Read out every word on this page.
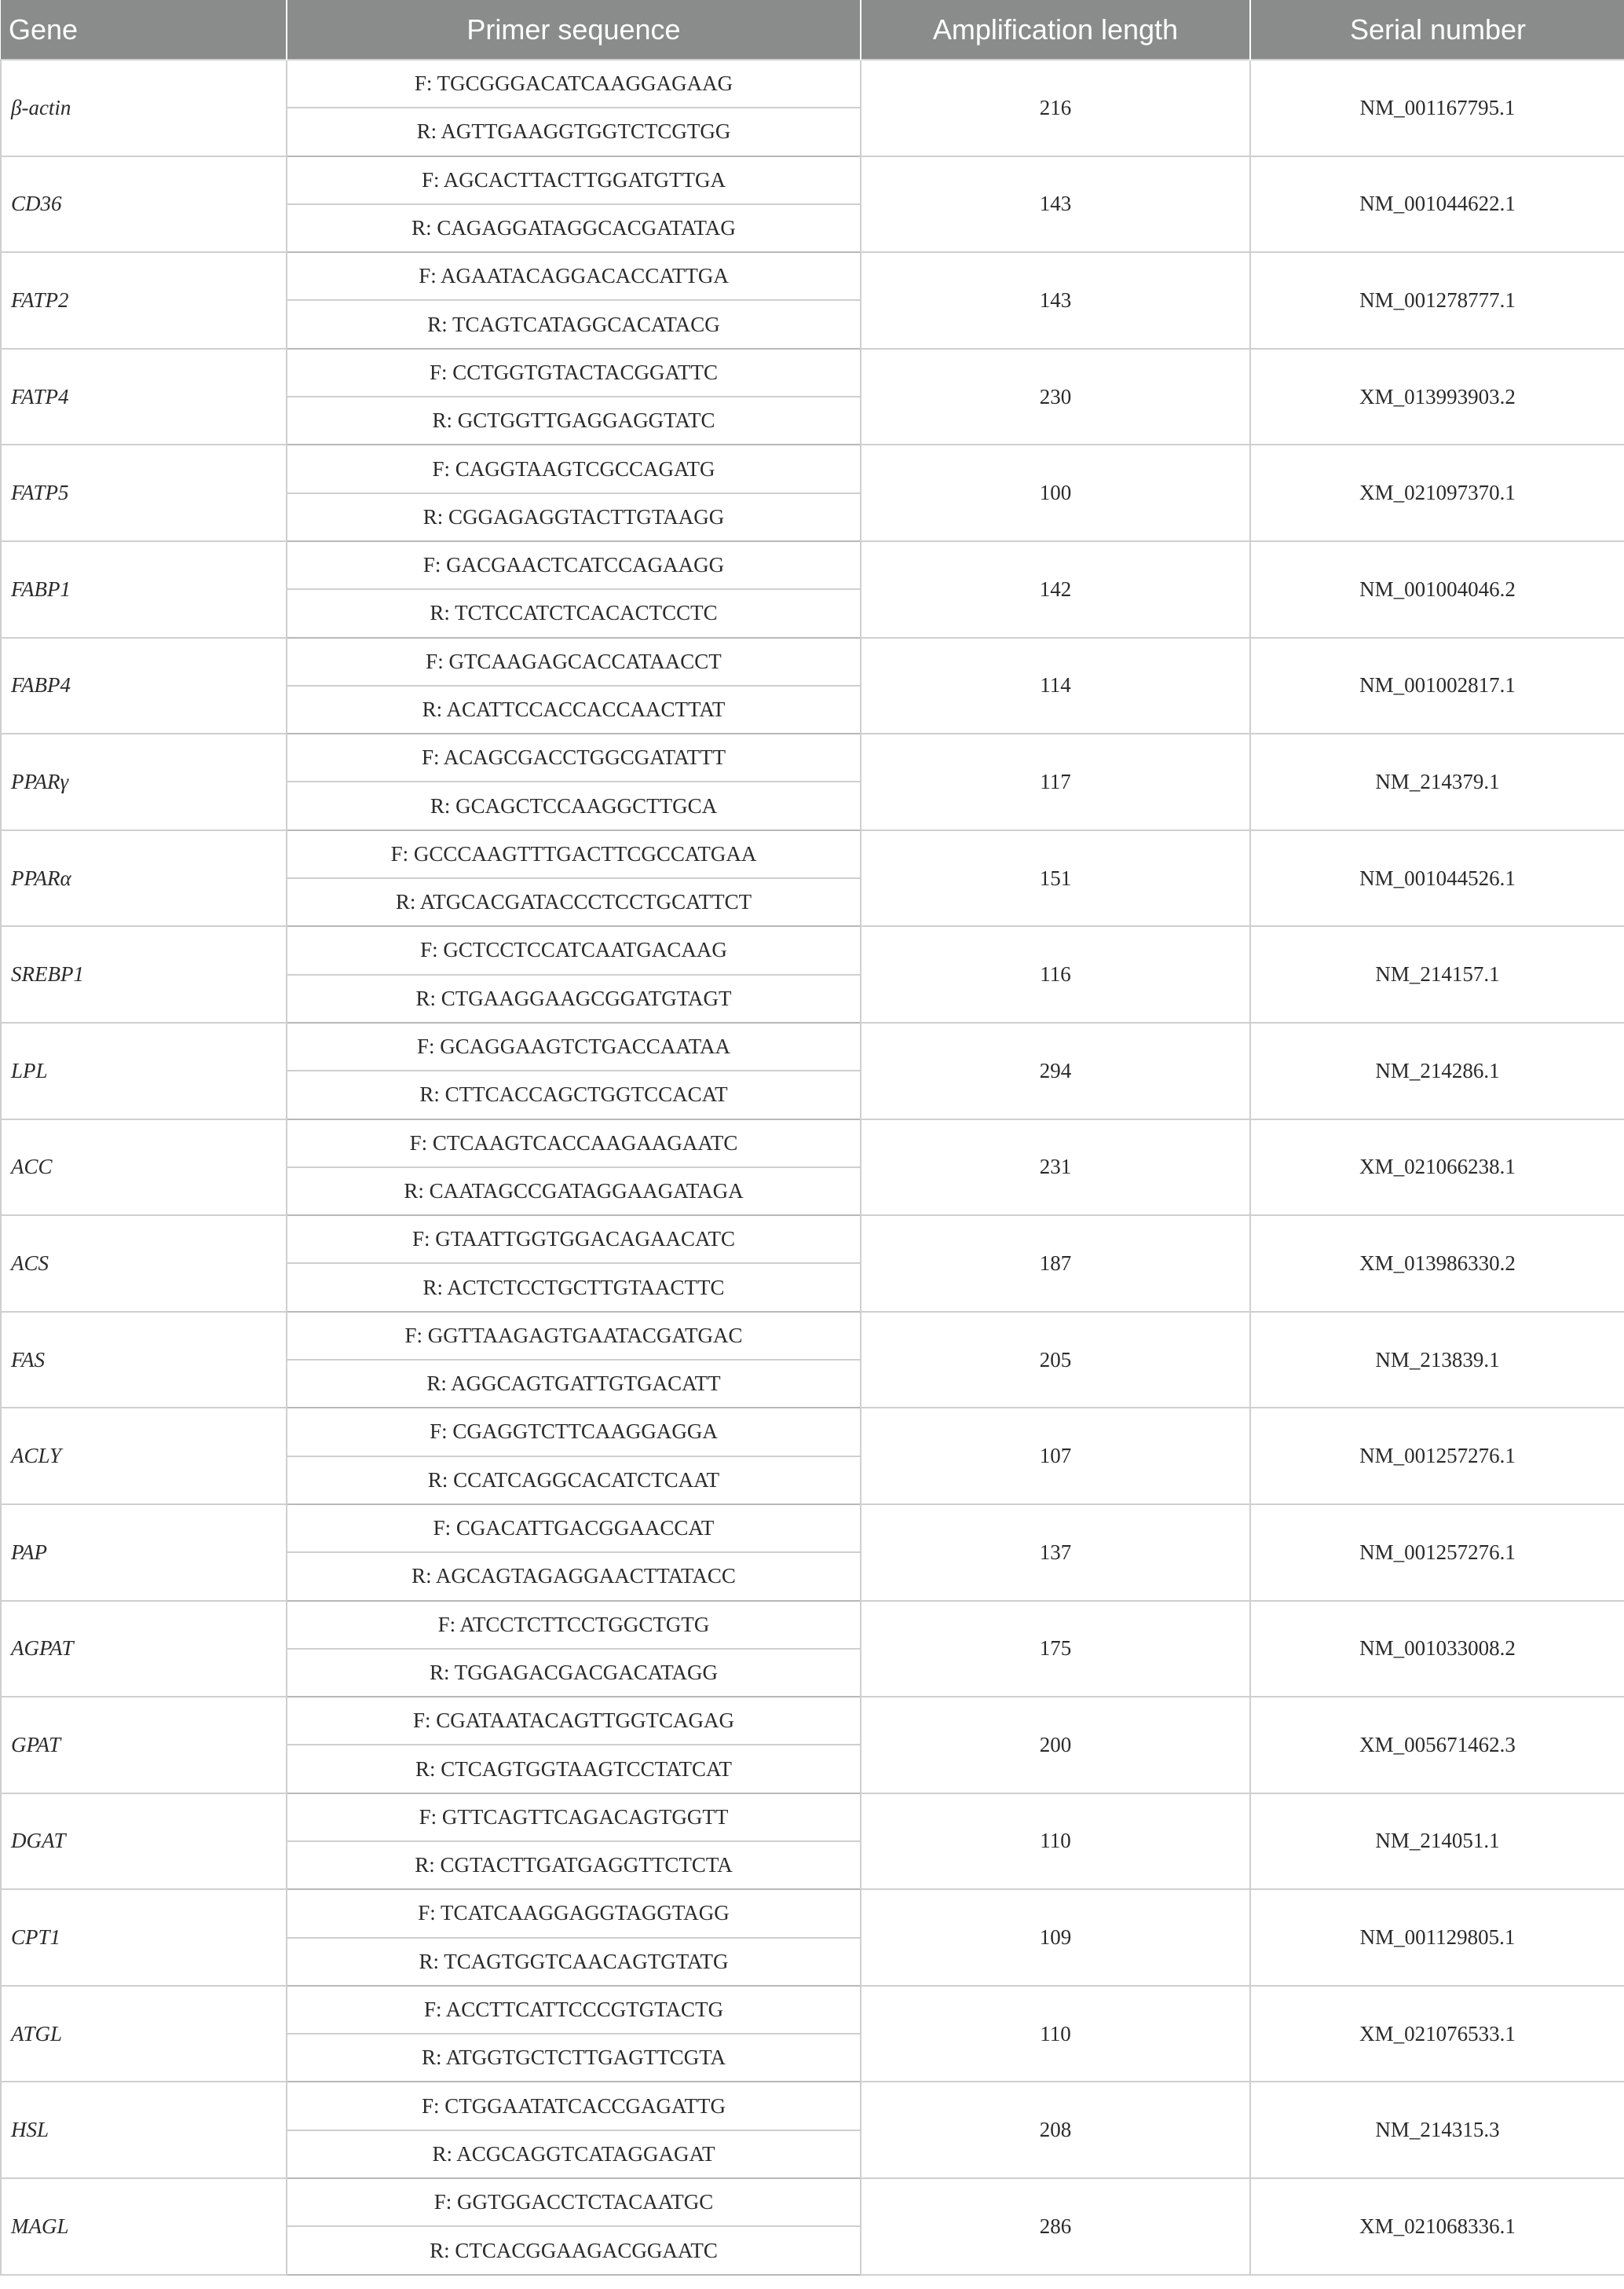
Gene	Primer sequence	Amplification length	Serial number
β-actin	F: TGCGGGACATCAAGGAGAAG	216	NM_001167795.1
	R: AGTTGAAGGTGGTCTCGTGG		
CD36	F: AGCACTTACTTGGATGTTGA	143	NM_001044622.1
	R: CAGAGGATAGGCACGATATAG		
FATP2	F: AGAATACAGGACACCATTGA	143	NM_001278777.1
	R: TCAGTCATAGGCACATACG		
FATP4	F: CCTGGTGTACTACGGATTC	230	XM_013993903.2
	R: GCTGGTTGAGGAGGTATC		
FATP5	F: CAGGTAAGTCGCCAGATG	100	XM_021097370.1
	R: CGGAGAGGTACTTGTAAGG		
FABP1	F: GACGAACTCATCCAGAAGG	142	NM_001004046.2
	R: TCTCCATCTCACACTCCTC		
FABP4	F: GTCAAGAGCACCATAACCT	114	NM_001002817.1
	R: ACATTCCACCACCAACTTAT		
PPARγ	F: ACAGCGACCTGGCGATATTT	117	NM_214379.1
	R: GCAGCTCCAAGGCTTGCA		
PPARα	F: GCCCAAGTTTGACTTCGCCATGAA	151	NM_001044526.1
	R: ATGCACGATACCCTCCTGCATTCT		
SREBP1	F: GCTCCTCCATCAATGACAAG	116	NM_214157.1
	R: CTGAAGGAAGCGGATGTAGT		
LPL	F: GCAGGAAGTCTGACCAATAA	294	NM_214286.1
	R: CTTCACCAGCTGGTCCACAT		
ACC	F: CTCAAGTCACCAAGAAGAATC	231	XM_021066238.1
	R: CAATAGCCGATAGGAAGATAGA		
ACS	F: GTAATTGGTGGACAGAACATC	187	XM_013986330.2
	R: ACTCTCCTGCTTGTAACTTC		
FAS	F: GGTTAAGAGTGAATACGATGAC	205	NM_213839.1
	R: AGGCAGTGATTGTGACATT		
ACLY	F: CGAGGTCTTCAAGGAGGA	107	NM_001257276.1
	R: CCATCAGGCACATCTCAAT		
PAP	F: CGACATTGACGGAACCAT	137	NM_001257276.1
	R: AGCAGTAGAGGAACTTATACC		
AGPAT	F: ATCCTCTTCCTGGCTGTG	175	NM_001033008.2
	R: TGGAGACGACGACATAGG		
GPAT	F: CGATAATACAGTTGGTCAGAG	200	XM_005671462.3
	R: CTCAGTGGTAAGTCCTATCAT		
DGAT	F: GTTCAGTTCAGACAGTGGTT	110	NM_214051.1
	R: CGTACTTGATGAGGTTCTCTA		
CPT1	F: TCATCAAGGAGGTAGGTAGG	109	NM_001129805.1
	R: TCAGTGGTCAACAGTGTATG		
ATGL	F: ACCTTCATTCCCGTGTACTG	110	XM_021076533.1
	R: ATGGTGCTCTTGAGTTCGTA		
HSL	F: CTGGAATATCACCGAGATTG	208	NM_214315.3
	R: ACGCAGGTCATAGGAGAT		
MAGL	F: GGTGGACCTCTACAATGC	286	XM_021068336.1
	R: CTCACGGAAGACGGAATC		
